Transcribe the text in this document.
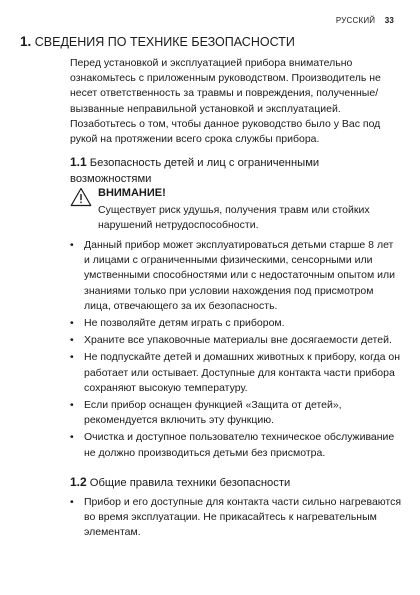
РУССКИЙ 33
1. СВЕДЕНИЯ ПО ТЕХНИКЕ БЕЗОПАСНОСТИ

Перед установкой и эксплуатацией прибора внимательно ознакомьтесь с приложенным руководством. Производитель не несет ответственность за травмы и повреждения, полученные/вызванные неправильной установкой и эксплуатацией. Позаботьтесь о том, чтобы данное руководство было у Вас под рукой на протяжении всего срока службы прибора.

1.1 Безопасность детей и лиц с ограниченными возможностями
ВНИМАНИЕ!
Существует риск удушья, получения травм или стойких нарушений нетрудоспособности.
• Данный прибор может эксплуатироваться детьми старше 8 лет и лицами с ограниченными физическими, сенсорными или умственными способностями или с недостаточным опытом или знаниями только при условии нахождения под присмотром лица, отвечающего за их безопасность.
• Не позволяйте детям играть с прибором.
• Храните все упаковочные материалы вне досягаемости детей.
• Не подпускайте детей и домашних животных к прибору, когда он работает или остывает. Доступные для контакта части прибора сохраняют высокую температуру.
• Если прибор оснащен функцией «Защита от детей», рекомендуется включить эту функцию.
• Очистка и доступное пользователю техническое обслуживание не должно производиться детьми без присмотра.
1.2 Общие правила техники безопасности
• Прибор и его доступные для контакта части сильно нагреваются во время эксплуатации. Не прикасайтесь к нагревательным элементам.
